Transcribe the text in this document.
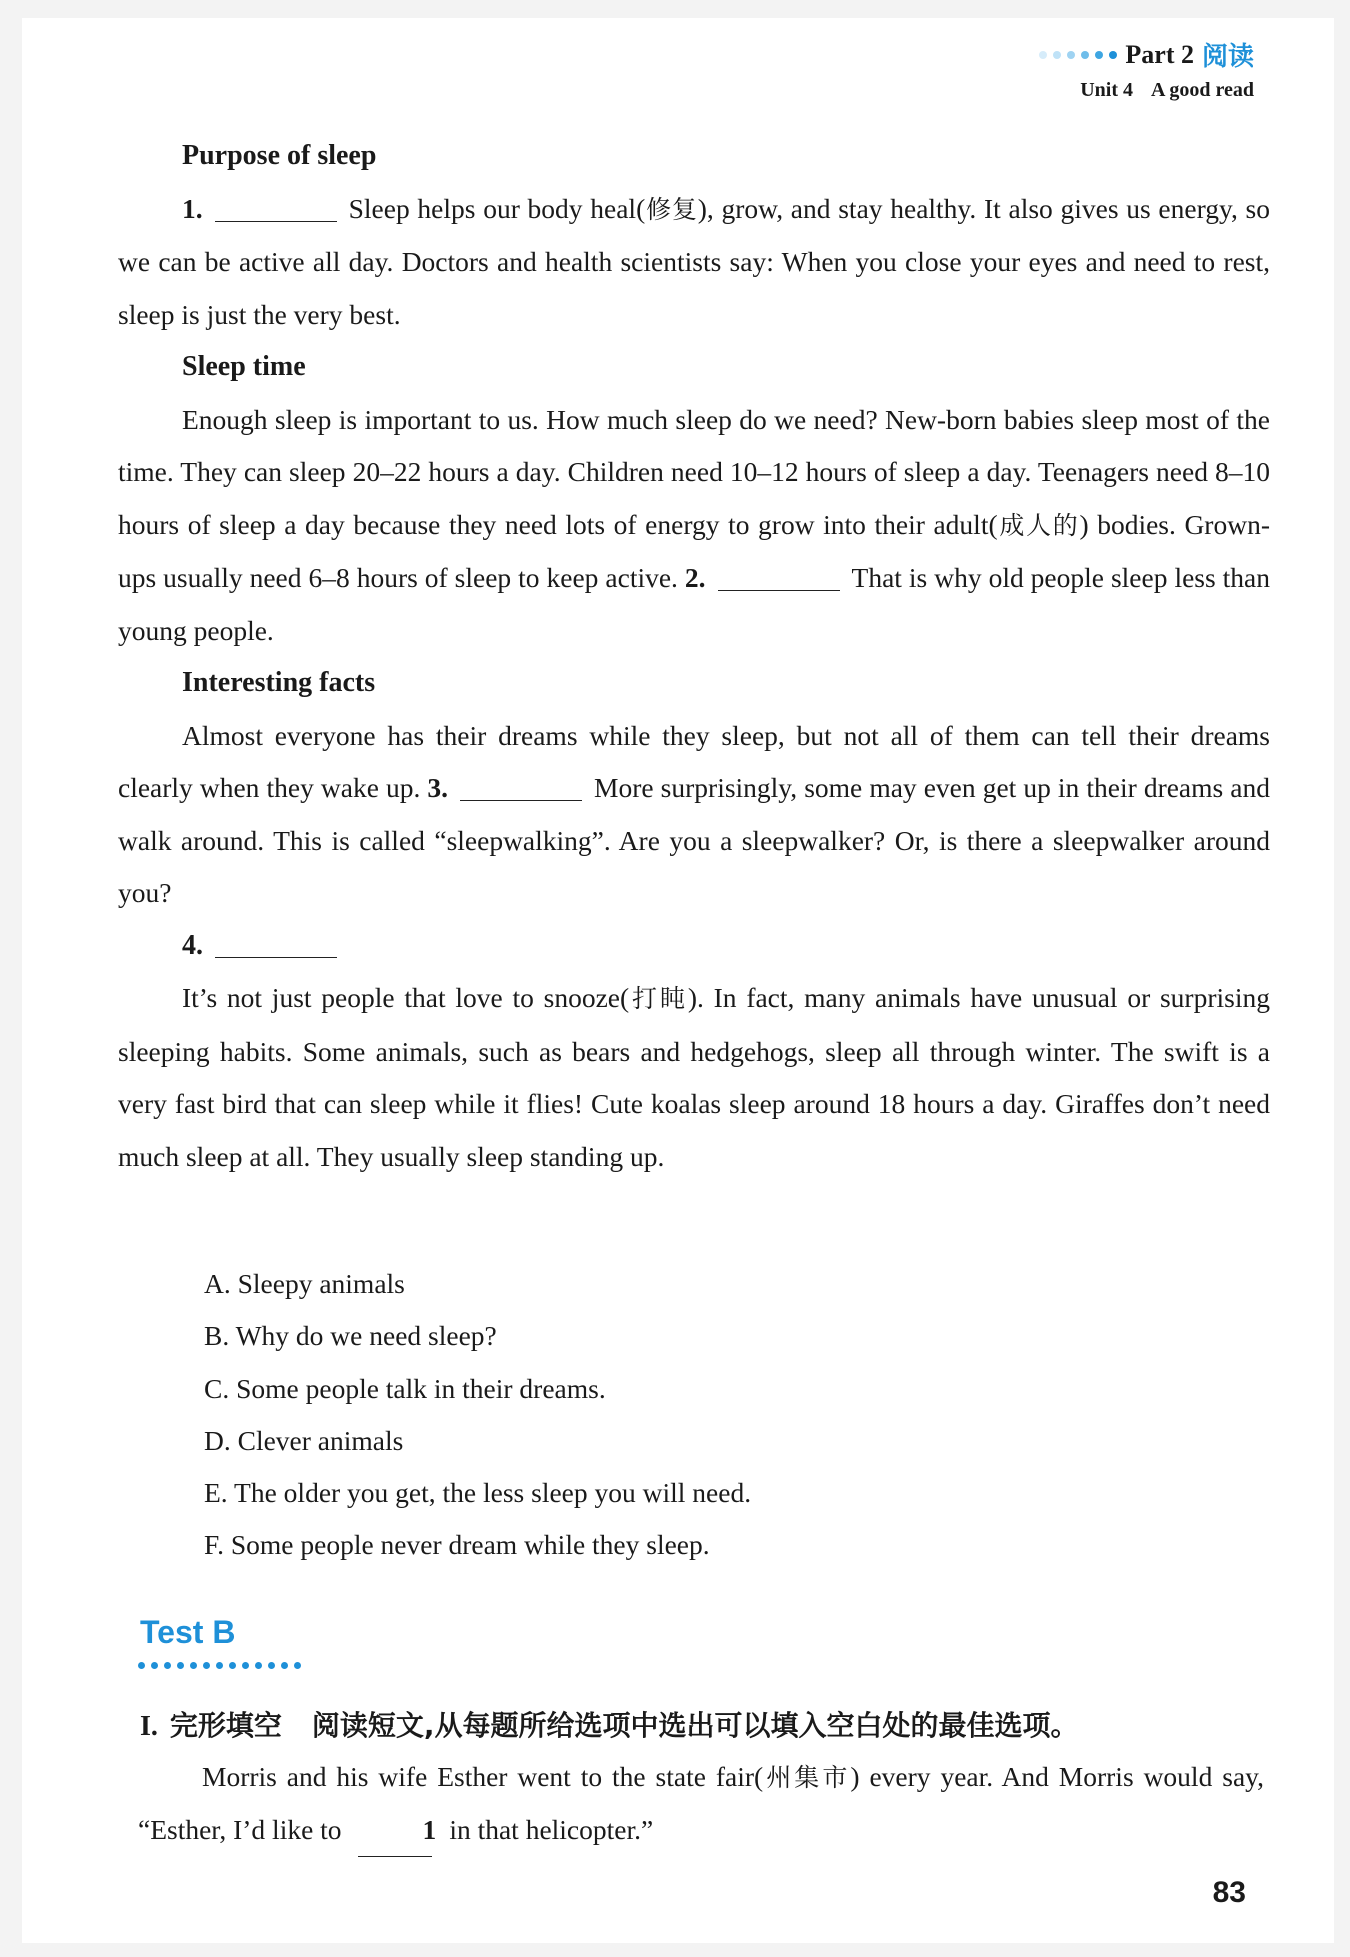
Part 2 阅读
Unit 4 A good read
Purpose of sleep

1.	Sleep helps our body heal(修复), grow, and stay healthy. It also gives us energy, so we can be active all day. Doctors and health scientists say: When you close your eyes and need to rest, sleep is just the very best.

Sleep time

Enough sleep is important to us. How much sleep do we need? New-born babies sleep most of the time. They can sleep 20–22 hours a day. Children need 10–12 hours of sleep a day. Teenagers need 8–10 hours of sleep a day because they need lots of energy to grow into their adult(成人的) bodies. Grown-ups usually need 6–8 hours of sleep to keep active. 2.	That is why old people sleep less than young people.

Interesting facts

Almost everyone has their dreams while they sleep, but not all of them can tell their dreams clearly when they wake up. 3.	More surprisingly, some may even get up in their dreams and walk around. This is called “sleepwalking”. Are you a sleepwalker? Or, is there a sleepwalker around you?

4.

It’s not just people that love to snooze(打盹). In fact, many animals have unusual or surprising sleeping habits. Some animals, such as bears and hedgehogs, sleep all through winter. The swift is a very fast bird that can sleep while it flies! Cute koalas sleep around 18 hours a day. Giraffes don’t need much sleep at all. They usually sleep standing up.

A. Sleepy animals
B. Why do we need sleep?
C. Some people talk in their dreams.
D. Clever animals
E. The older you get, the less sleep you will need.
F. Some people never dream while they sleep.
Test B
I. 完形填空 阅读短文,从每题所给选项中选出可以填入空白处的最佳选项。

Morris and his wife Esther went to the state fair(州集市) every year. And Morris would say, “Esther, I’d like to	1 in that helicopter.”

83
